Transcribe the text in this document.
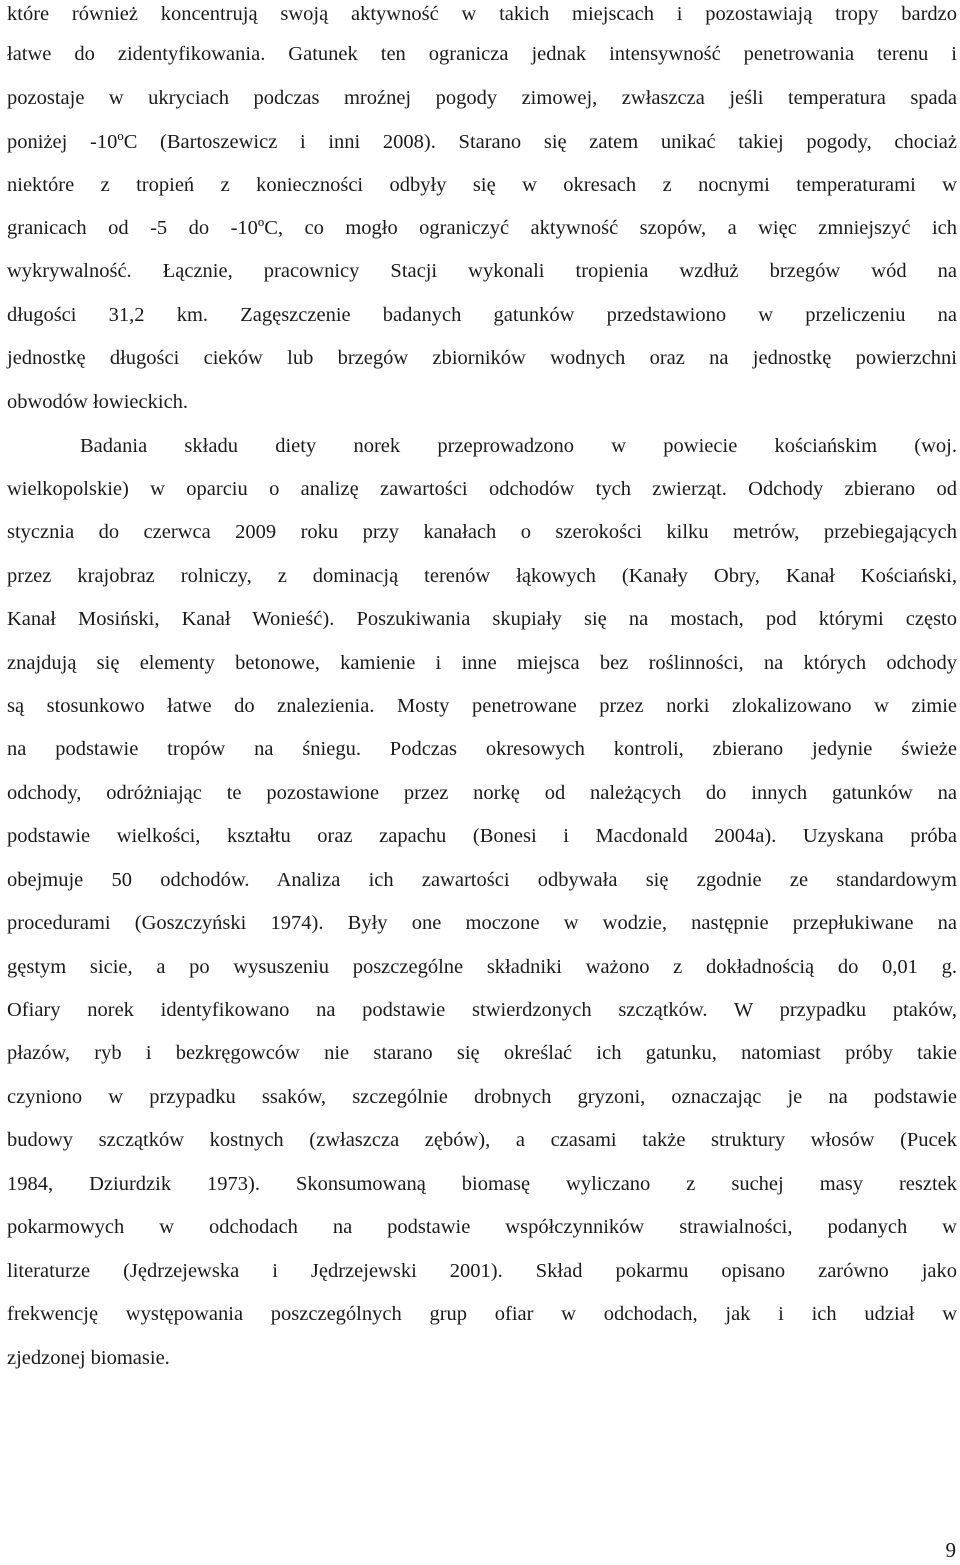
które również koncentrują swoją aktywność w takich miejscach i pozostawiają tropy bardzo
łatwe do zidentyfikowania. Gatunek ten ogranicza jednak intensywność penetrowania terenu i
pozostaje w ukryciach podczas mroźnej pogody zimowej, zwłaszcza jeśli temperatura spada
poniżej -10ºC (Bartoszewicz i inni 2008). Starano się zatem unikać takiej pogody, chociaż
niektóre z tropień z konieczności odbyły się w okresach z nocnymi temperaturami w
granicach od -5 do -10ºC, co mogło ograniczyć aktywność szopów, a więc zmniejszyć ich
wykrywalność. Łącznie, pracownicy Stacji wykonali tropienia wzdłuż brzegów wód na
długości 31,2 km. Zagęszczenie badanych gatunków przedstawiono w przeliczeniu na
jednostkę długości cieków lub brzegów zbiorników wodnych oraz na jednostkę powierzchni
obwodów łowieckich.
Badania składu diety norek przeprowadzono w powiecie kościańskim (woj.
wielkopolskie) w oparciu o analizę zawartości odchodów tych zwierząt. Odchody zbierano od
stycznia do czerwca 2009 roku przy kanałach o szerokości kilku metrów, przebiegających
przez krajobraz rolniczy, z dominacją terenów łąkowych (Kanały Obry, Kanał Kościański,
Kanał Mosiński, Kanał Wonieść). Poszukiwania skupiały się na mostach, pod którymi często
znajdują się elementy betonowe, kamienie i inne miejsca bez roślinności, na których odchody
są stosunkowo łatwe do znalezienia. Mosty penetrowane przez norki zlokalizowano w zimie
na podstawie tropów na śniegu. Podczas okresowych kontroli, zbierano jedynie świeże
odchody, odróżniając te pozostawione przez norkę od należących do innych gatunków na
podstawie wielkości, kształtu oraz zapachu (Bonesi i Macdonald 2004a). Uzyskana próba
obejmuje 50 odchodów. Analiza ich zawartości odbywała się zgodnie ze standardowym
procedurami (Goszczyński 1974). Były one moczone w wodzie, następnie przepłukiwane na
gęstym sicie, a po wysuszeniu poszczególne składniki ważono z dokładnością do 0,01 g.
Ofiary norek identyfikowano na podstawie stwierdzonych szczątków. W przypadku ptaków,
płazów, ryb i bezkręgowców nie starano się określać ich gatunku, natomiast próby takie
czyniono w przypadku ssaków, szczególnie drobnych gryzoni, oznaczając je na podstawie
budowy szczątków kostnych (zwłaszcza zębów), a czasami także struktury włosów (Pucek
1984, Dziurdzik 1973). Skonsumowaną biomasę wyliczano z suchej masy resztek
pokarmowych w odchodach na podstawie współczynników strawialności, podanych w
literaturze (Jędrzejewska i Jędrzejewski 2001). Skład pokarmu opisano zarówno jako
frekwencję występowania poszczególnych grup ofiar w odchodach, jak i ich udział w
zjedzonej biomasie.
9
